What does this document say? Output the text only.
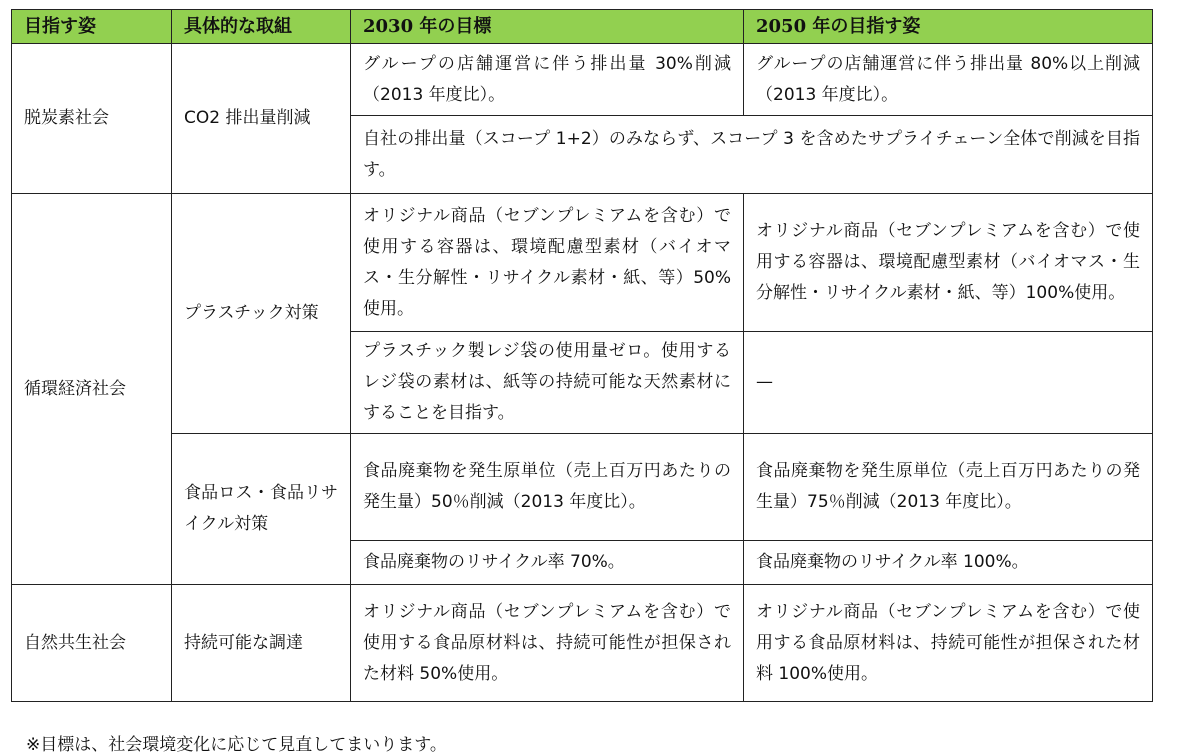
目指す姿	具体的な取組	2030 年の目標	2050 年の目指す姿
脱炭素社会	CO2 排出量削減	グループの店舗運営に伴う排出量 30%削減（2013 年度比）。	グループの店舗運営に伴う排出量 80%以上削減（2013 年度比）。
		自社の排出量（スコープ 1+2）のみならず、スコープ 3 を含めたサプライチェーン全体で削減を目指す。	
循環経済社会	プラスチック対策	オリジナル商品（セブンプレミアムを含む）で使用する容器は、環境配慮型素材（バイオマス・生分解性・リサイクル素材・紙、等）50%使用。	オリジナル商品（セブンプレミアムを含む）で使用する容器は、環境配慮型素材（バイオマス・生分解性・リサイクル素材・紙、等）100%使用。
		プラスチック製レジ袋の使用量ゼロ。使用するレジ袋の素材は、紙等の持続可能な天然素材にすることを目指す。	—
	食品ロス・食品リサイクル対策	食品廃棄物を発生原単位（売上百万円あたりの発生量）50％削減（2013 年度比）。	食品廃棄物を発生原単位（売上百万円あたりの発生量）75％削減（2013 年度比）。
		食品廃棄物のリサイクル率 70%。	食品廃棄物のリサイクル率 100%。
自然共生社会	持続可能な調達	オリジナル商品（セブンプレミアムを含む）で使用する食品原材料は、持続可能性が担保された材料 50%使用。	オリジナル商品（セブンプレミアムを含む）で使用する食品原材料は、持続可能性が担保された材料 100%使用。
※目標は、社会環境変化に応じて見直してまいります。
